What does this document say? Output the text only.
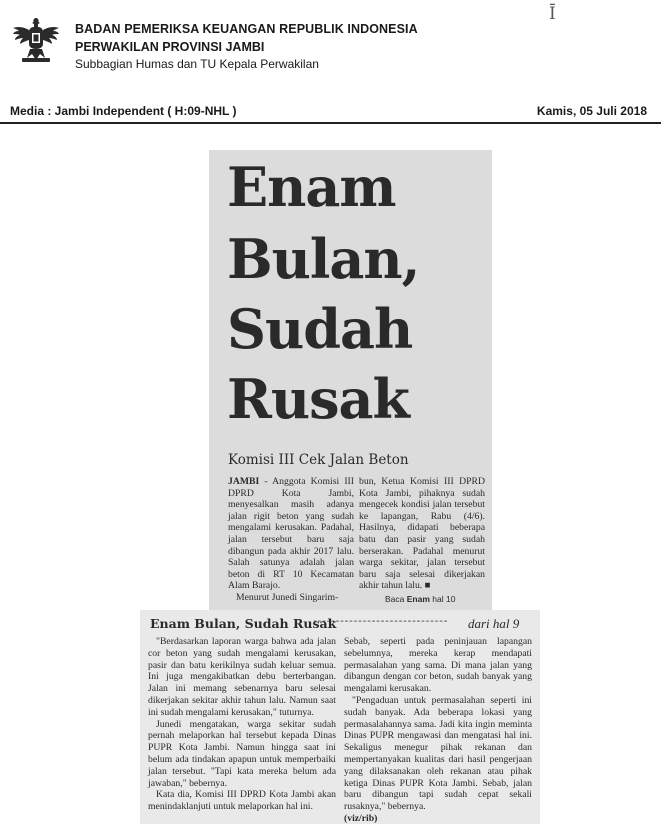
BADAN PEMERIKSA KEUANGAN REPUBLIK INDONESIA
PERWAKILAN PROVINSI JAMBI
Subbagian Humas dan TU Kepala Perwakilan
Ī
Media : Jambi Independent ( H:09-NHL )	Kamis, 05 Juli 2018
Enam
Bulan,
Sudah
Rusak
Komisi III Cek Jalan Beton

JAMBI - Anggota Komisi III DPRD Kota Jambi, menyesalkan masih adanya jalan rigit beton yang sudah mengalami kerusakan. Padahal, jalan tersebut baru saja dibangun pada akhir 2017 lalu. Salah satunya adalah jalan beton di RT 10 Kecamatan Alam Barajo.

Menurut Junedi Singarim-

bun, Ketua Komisi III DPRD Kota Jambi, pihaknya sudah mengecek kondisi jalan tersebut ke lapangan, Rabu (4/6). Hasilnya, didapati beberapa batu dan pasir yang sudah berserakan. Padahal menurut warga sekitar, jalan tersebut baru saja selesai dikerjakan akhir tahun lalu. ■

Baca Enam hal 10
Enam Bulan, Sudah Rusak
------------------------------ dari hal 9

"Berdasarkan laporan warga bahwa ada jalan cor beton yang sudah mengalami kerusakan, pasir dan batu kerikilnya sudah keluar semua. Ini juga mengakibatkan debu berterbangan. Jalan ini memang sebenarnya baru selesai dikerjakan sekitar akhir tahun lalu. Namun saat ini sudah mengalami kerusakan," tuturnya.

Junedi mengatakan, warga sekitar sudah pernah melaporkan hal tersebut kepada Dinas PUPR Kota Jambi. Namun hingga saat ini belum ada tindakan apapun untuk memperbaiki jalan tersebut. "Tapi kata mereka belum ada jawaban," bebernya.

Kata dia, Komisi III DPRD Kota Jambi akan menindaklanjuti untuk melaporkan hal ini.

Sebab, seperti pada peninjauan lapangan sebelumnya, mereka kerap mendapati permasalahan yang sama. Di mana jalan yang dibangun dengan cor beton, sudah banyak yang mengalami kerusakan.

"Pengaduan untuk permasalahan seperti ini sudah banyak. Ada beberapa lokasi yang permasalahannya sama. Jadi kita ingin meminta Dinas PUPR mengawasi dan mengatasi hal ini. Sekaligus menegur pihak rekanan dan mempertanyakan kualitas dari hasil pengerjaan yang dilaksanakan oleh rekanan atau pihak ketiga Dinas PUPR Kota Jambi. Sebab, jalan baru dibangun tapi sudah cepat sekali rusaknya," bebernya.

(viz/rib)
